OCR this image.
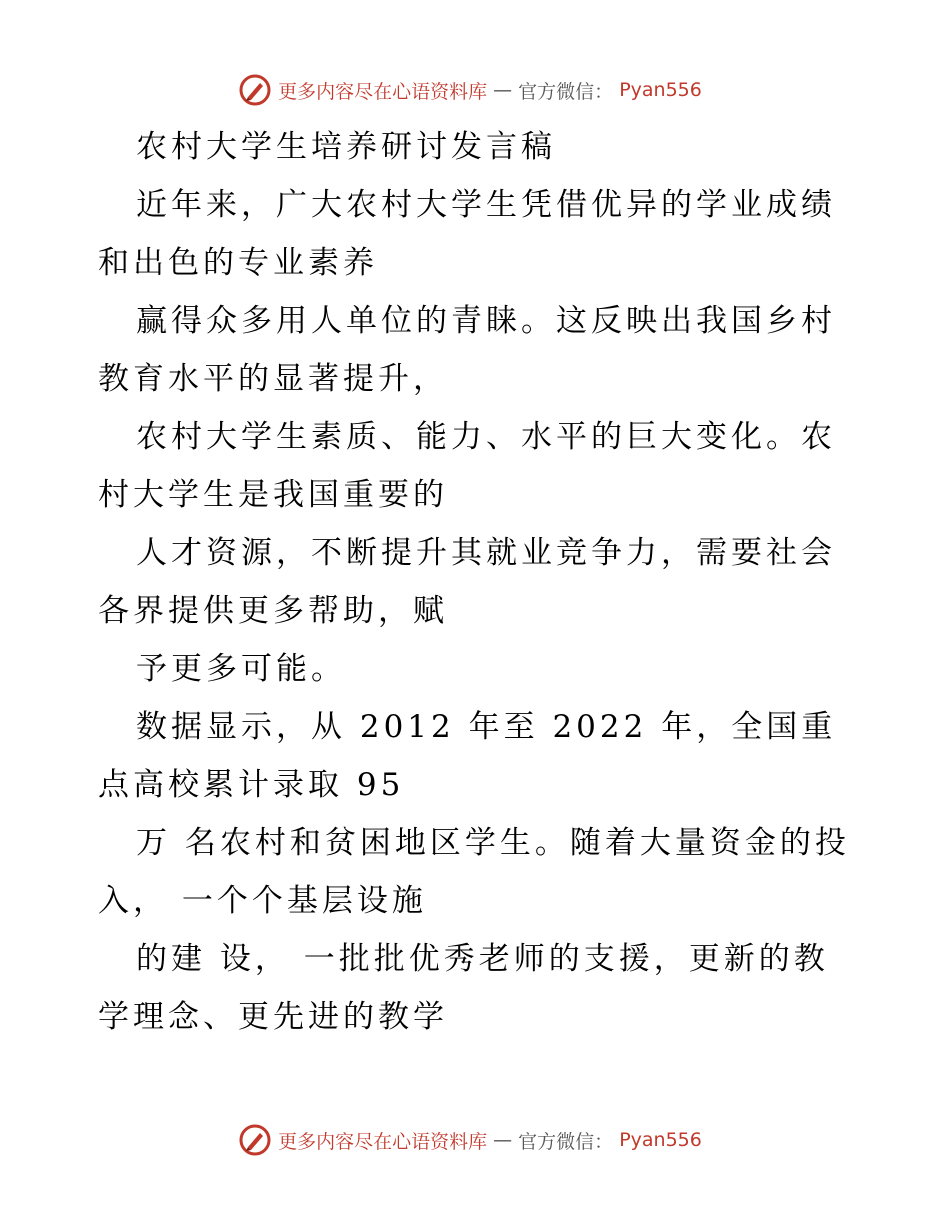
更多内容尽在心语资料库 — 官方微信： Pyan556

农村大学生培养研讨发言稿

近年来，广大农村大学生凭借优异的学业成绩和出色的专业素养

赢得众多用人单位的青睐。这反映出我国乡村教育水平的显著提升，

农村大学生素质、能力、水平的巨大变化。农村大学生是我国重要的

人才资源，不断提升其就业竞争力，需要社会各界提供更多帮助，赋

予更多可能。

数据显示，从 2012 年至 2022 年，全国重点高校累计录取 95

万 名农村和贫困地区学生。随着大量资金的投入， 一个个基层设施

的建 设， 一批批优秀老师的支援，更新的教学理念、更先进的教学

更多内容尽在心语资料库 — 官方微信： Pyan556
